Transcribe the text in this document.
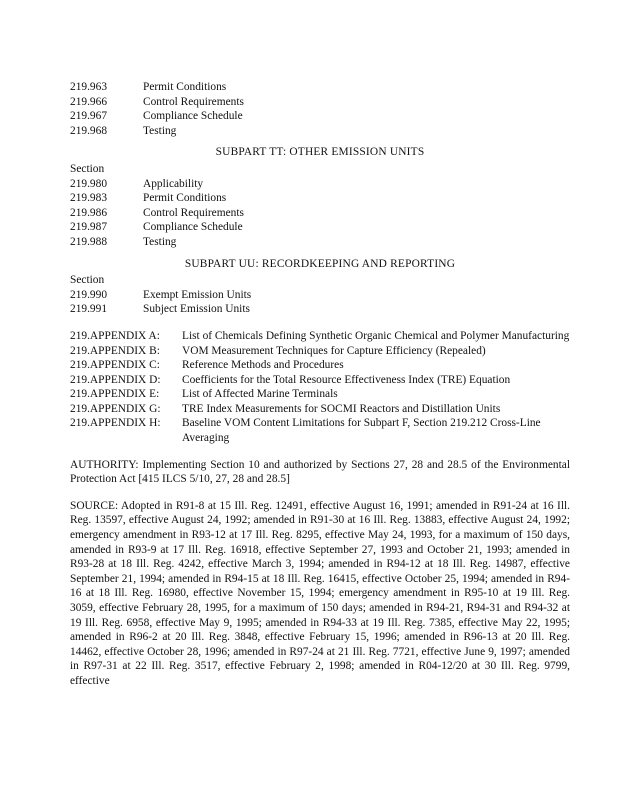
219.963	Permit Conditions
219.966	Control Requirements
219.967	Compliance Schedule
219.968	Testing
SUBPART TT: OTHER EMISSION UNITS
Section
219.980	Applicability
219.983	Permit Conditions
219.986	Control Requirements
219.987	Compliance Schedule
219.988	Testing
SUBPART UU: RECORDKEEPING AND REPORTING
Section
219.990	Exempt Emission Units
219.991	Subject Emission Units
219.APPENDIX A:	List of Chemicals Defining Synthetic Organic Chemical and Polymer Manufacturing
219.APPENDIX B:	VOM Measurement Techniques for Capture Efficiency (Repealed)
219.APPENDIX C:	Reference Methods and Procedures
219.APPENDIX D:	Coefficients for the Total Resource Effectiveness Index (TRE) Equation
219.APPENDIX E:	List of Affected Marine Terminals
219.APPENDIX G:	TRE Index Measurements for SOCMI Reactors and Distillation Units
219.APPENDIX H:	Baseline VOM Content Limitations for Subpart F, Section 219.212 Cross-Line Averaging

AUTHORITY: Implementing Section 10 and authorized by Sections 27, 28 and 28.5 of the Environmental Protection Act [415 ILCS 5/10, 27, 28 and 28.5]

SOURCE: Adopted in R91-8 at 15 Ill. Reg. 12491, effective August 16, 1991; amended in R91-24 at 16 Ill. Reg. 13597, effective August 24, 1992; amended in R91-30 at 16 Ill. Reg. 13883, effective August 24, 1992; emergency amendment in R93-12 at 17 Ill. Reg. 8295, effective May 24, 1993, for a maximum of 150 days, amended in R93-9 at 17 Ill. Reg. 16918, effective September 27, 1993 and October 21, 1993; amended in R93-28 at 18 Ill. Reg. 4242, effective March 3, 1994; amended in R94-12 at 18 Ill. Reg. 14987, effective September 21, 1994; amended in R94-15 at 18 Ill. Reg. 16415, effective October 25, 1994; amended in R94-16 at 18 Ill. Reg. 16980, effective November 15, 1994; emergency amendment in R95-10 at 19 Ill. Reg. 3059, effective February 28, 1995, for a maximum of 150 days; amended in R94-21, R94-31 and R94-32 at 19 Ill. Reg. 6958, effective May 9, 1995; amended in R94-33 at 19 Ill. Reg. 7385, effective May 22, 1995; amended in R96-2 at 20 Ill. Reg. 3848, effective February 15, 1996; amended in R96-13 at 20 Ill. Reg. 14462, effective October 28, 1996; amended in R97-24 at 21 Ill. Reg. 7721, effective June 9, 1997; amended in R97-31 at 22 Ill. Reg. 3517, effective February 2, 1998; amended in R04-12/20 at 30 Ill. Reg. 9799, effective
